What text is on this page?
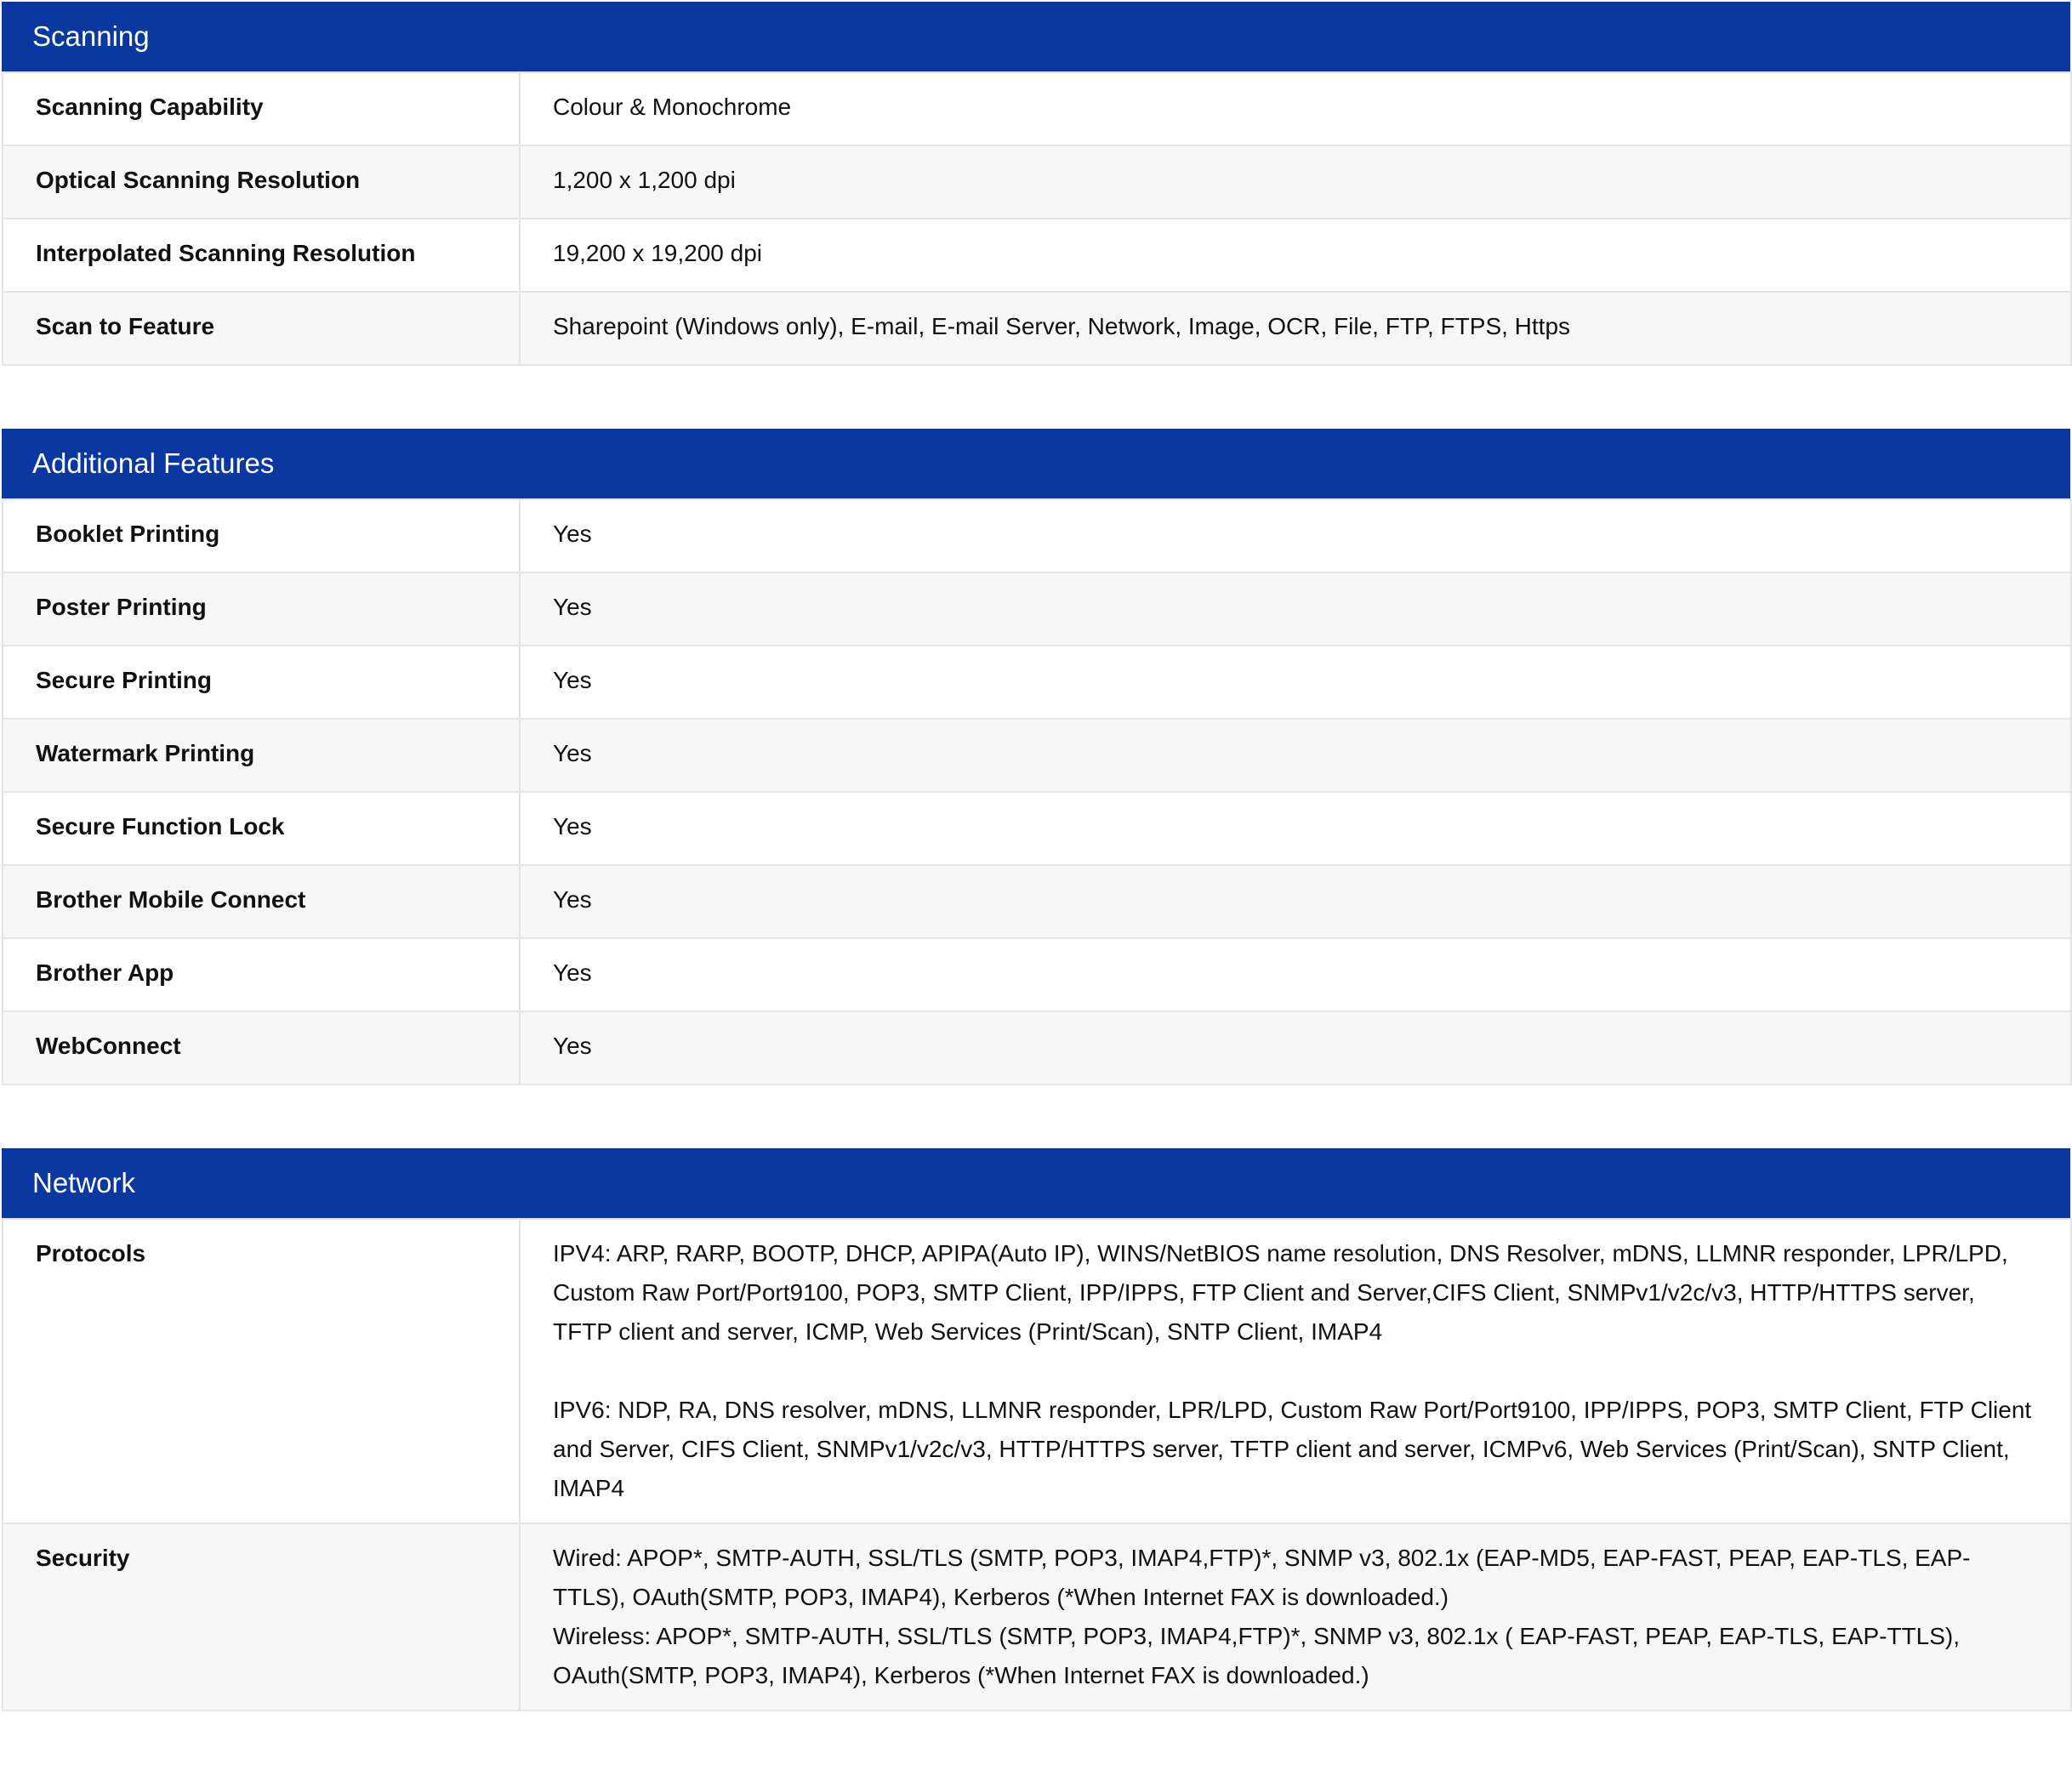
Scanning
Scanning Capability	Colour & Monochrome
Optical Scanning Resolution	1,200 x 1,200 dpi
Interpolated Scanning Resolution	19,200 x 19,200 dpi
Scan to Feature	Sharepoint (Windows only), E-mail, E-mail Server, Network, Image, OCR, File, FTP, FTPS, Https
Additional Features
Booklet Printing	Yes
Poster Printing	Yes
Secure Printing	Yes
Watermark Printing	Yes
Secure Function Lock	Yes
Brother Mobile Connect	Yes
Brother App	Yes
WebConnect	Yes
Network
Protocols	IPV4: ARP, RARP, BOOTP, DHCP, APIPA(Auto IP), WINS/NetBIOS name resolution, DNS Resolver, mDNS, LLMNR responder, LPR/LPD, Custom Raw Port/Port9100, POP3, SMTP Client, IPP/IPPS, FTP Client and Server,CIFS Client, SNMPv1/v2c/v3, HTTP/HTTPS server, TFTP client and server, ICMP, Web Services (Print/Scan), SNTP Client, IMAP4
IPV6: NDP, RA, DNS resolver, mDNS, LLMNR responder, LPR/LPD, Custom Raw Port/Port9100, IPP/IPPS, POP3, SMTP Client, FTP Client and Server, CIFS Client, SNMPv1/v2c/v3, HTTP/HTTPS server, TFTP client and server, ICMPv6, Web Services (Print/Scan), SNTP Client, IMAP4

Security	Wired: APOP*, SMTP-AUTH, SSL/TLS (SMTP, POP3, IMAP4,FTP)*, SNMP v3, 802.1x (EAP-MD5, EAP-FAST, PEAP, EAP-TLS, EAP-TTLS), OAuth(SMTP, POP3, IMAP4), Kerberos (*When Internet FAX is downloaded.)
Wireless: APOP*, SMTP-AUTH, SSL/TLS (SMTP, POP3, IMAP4,FTP)*, SNMP v3, 802.1x ( EAP-FAST, PEAP, EAP-TLS, EAP-TTLS), OAuth(SMTP, POP3, IMAP4), Kerberos (*When Internet FAX is downloaded.)
